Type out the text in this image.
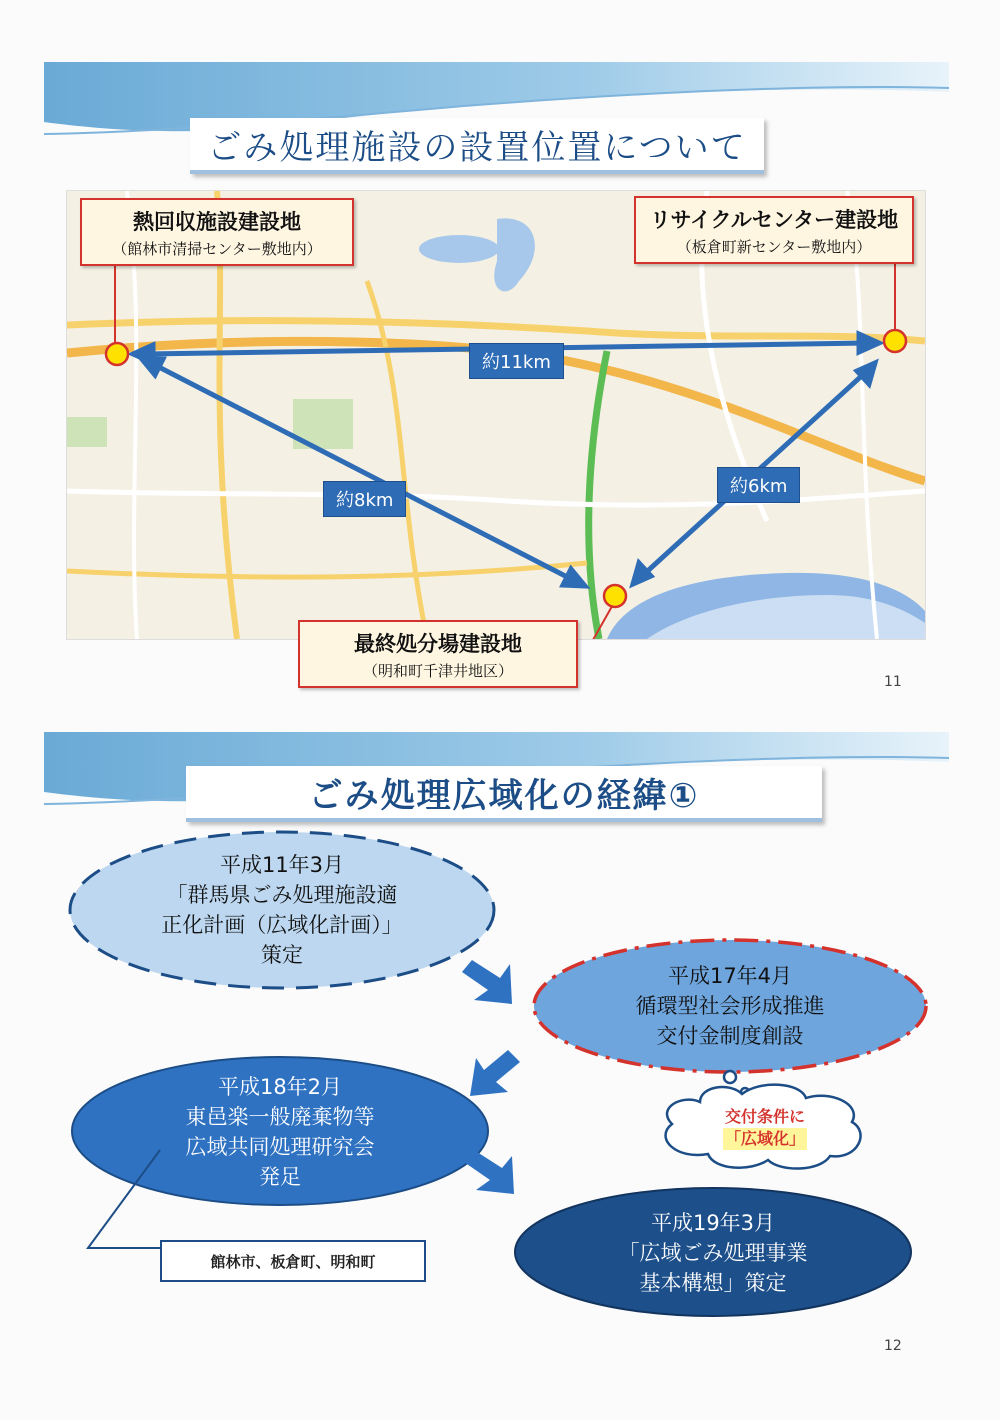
ごみ処理施設の設置位置について
約11km
約8km
約6km
熱回収施設建設地
（館林市清掃センター敷地内）
リサイクルセンター建設地
（板倉町新センター敷地内）
最終処分場建設地
（明和町千津井地区）
11
ごみ処理広域化の経緯①
平成11年3月
「群馬県ごみ処理施設適
正化計画（広域化計画）」
策定
平成17年4月
循環型社会形成推進
交付金制度創設
平成18年2月
東邑楽一般廃棄物等
広域共同処理研究会
発足
平成19年3月
「広域ごみ処理事業
基本構想」策定
交付条件に
「広域化」
館林市、板倉町、明和町
12
